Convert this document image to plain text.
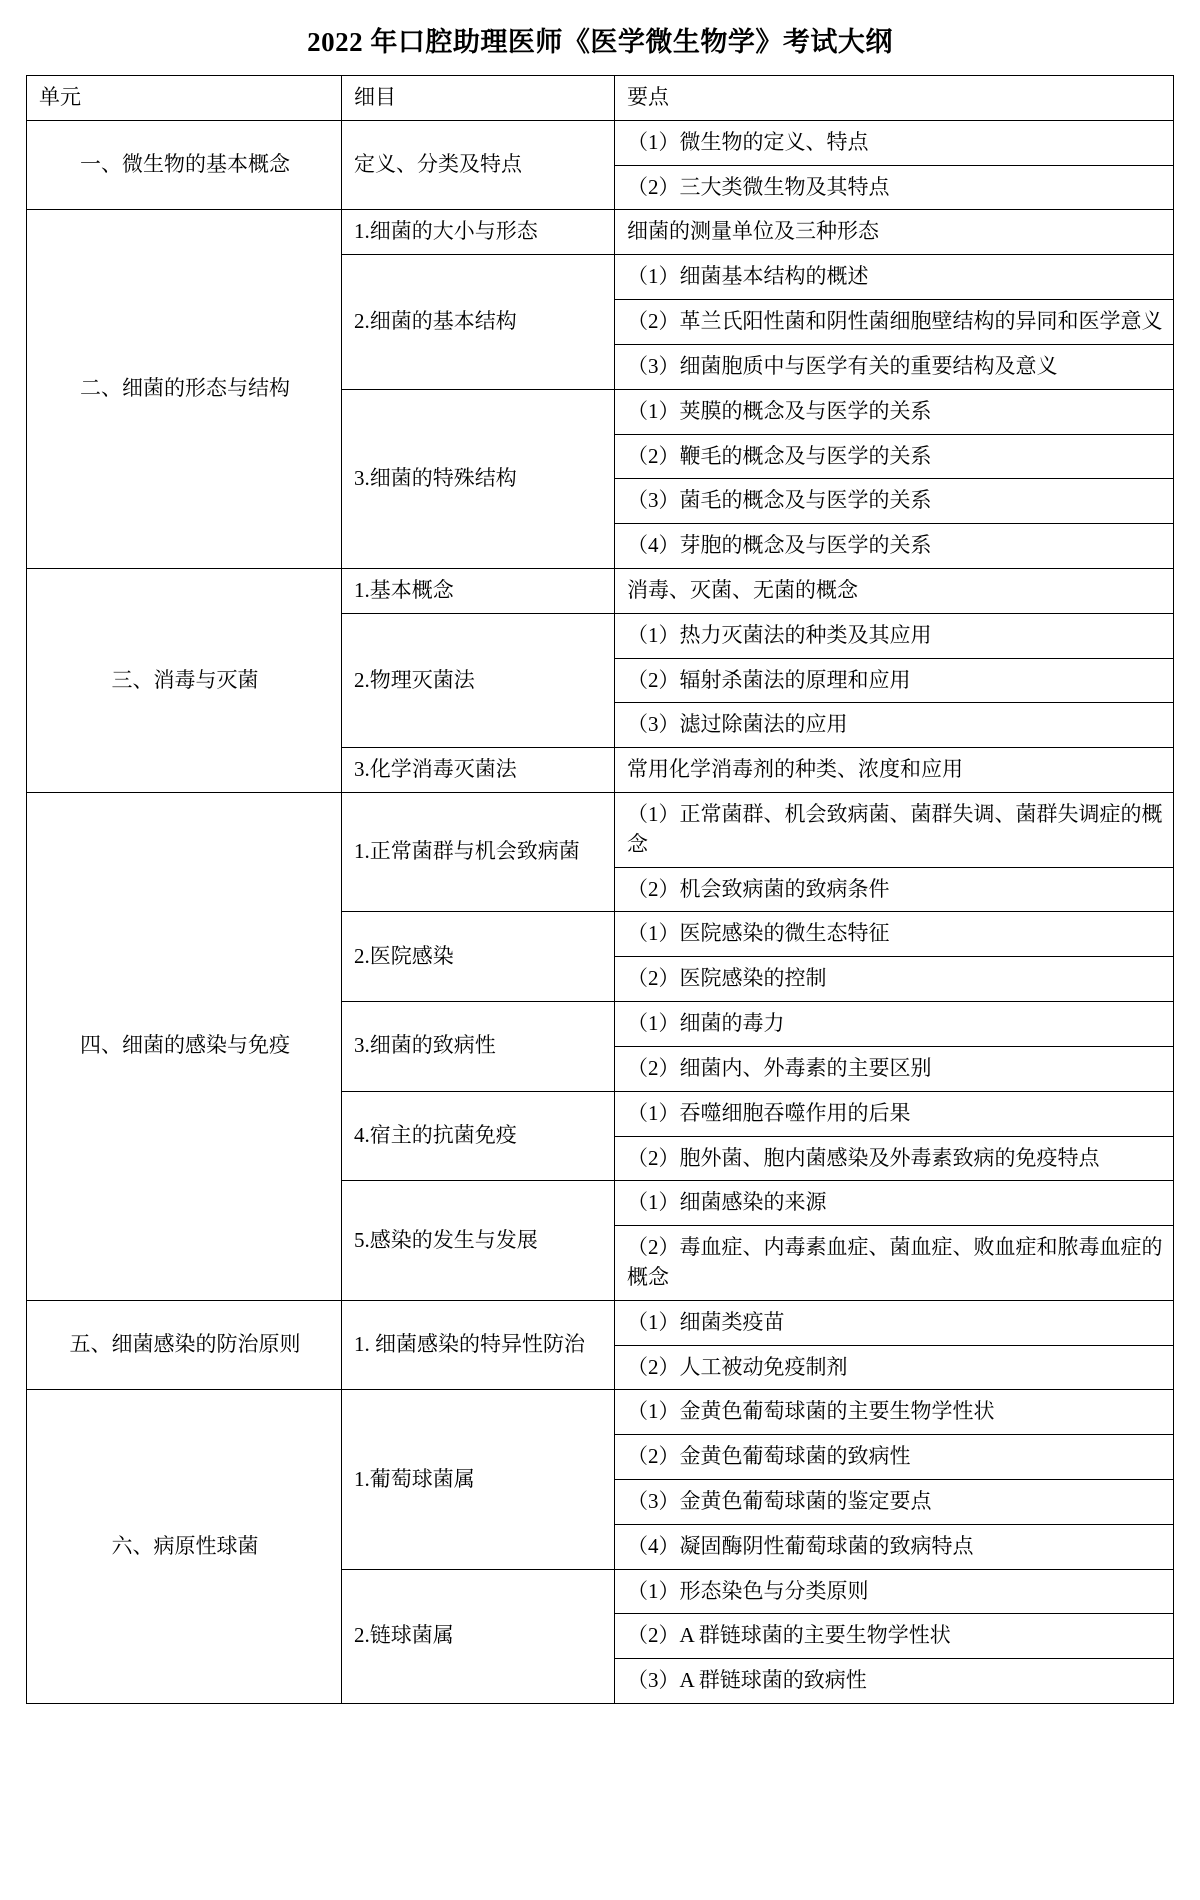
2022 年口腔助理医师《医学微生物学》考试大纲
单元	细目	要点
一、微生物的基本概念	定义、分类及特点	（1）微生物的定义、特点
		（2）三大类微生物及其特点
二、细菌的形态与结构	1.细菌的大小与形态	细菌的测量单位及三种形态
	2.细菌的基本结构	（1）细菌基本结构的概述
		（2）革兰氏阳性菌和阴性菌细胞壁结构的异同和医学意义
		（3）细菌胞质中与医学有关的重要结构及意义
	3.细菌的特殊结构	（1）荚膜的概念及与医学的关系
		（2）鞭毛的概念及与医学的关系
		（3）菌毛的概念及与医学的关系
		（4）芽胞的概念及与医学的关系
三、消毒与灭菌	1.基本概念	消毒、灭菌、无菌的概念
	2.物理灭菌法	（1）热力灭菌法的种类及其应用
		（2）辐射杀菌法的原理和应用
		（3）滤过除菌法的应用
	3.化学消毒灭菌法	常用化学消毒剂的种类、浓度和应用
四、细菌的感染与免疫	1.正常菌群与机会致病菌	（1）正常菌群、机会致病菌、菌群失调、菌群失调症的概念
		（2）机会致病菌的致病条件
	2.医院感染	（1）医院感染的微生态特征
		（2）医院感染的控制
	3.细菌的致病性	（1）细菌的毒力
		（2）细菌内、外毒素的主要区别
	4.宿主的抗菌免疫	（1）吞噬细胞吞噬作用的后果
		（2）胞外菌、胞内菌感染及外毒素致病的免疫特点
	5.感染的发生与发展	（1）细菌感染的来源
		（2）毒血症、内毒素血症、菌血症、败血症和脓毒血症的概念
五、细菌感染的防治原则	1. 细菌感染的特异性防治	（1）细菌类疫苗
		（2）人工被动免疫制剂
六、病原性球菌	1.葡萄球菌属	（1）金黄色葡萄球菌的主要生物学性状
		（2）金黄色葡萄球菌的致病性
		（3）金黄色葡萄球菌的鉴定要点
		（4）凝固酶阴性葡萄球菌的致病特点
	2.链球菌属	（1）形态染色与分类原则
		（2）A 群链球菌的主要生物学性状
		（3）A 群链球菌的致病性
